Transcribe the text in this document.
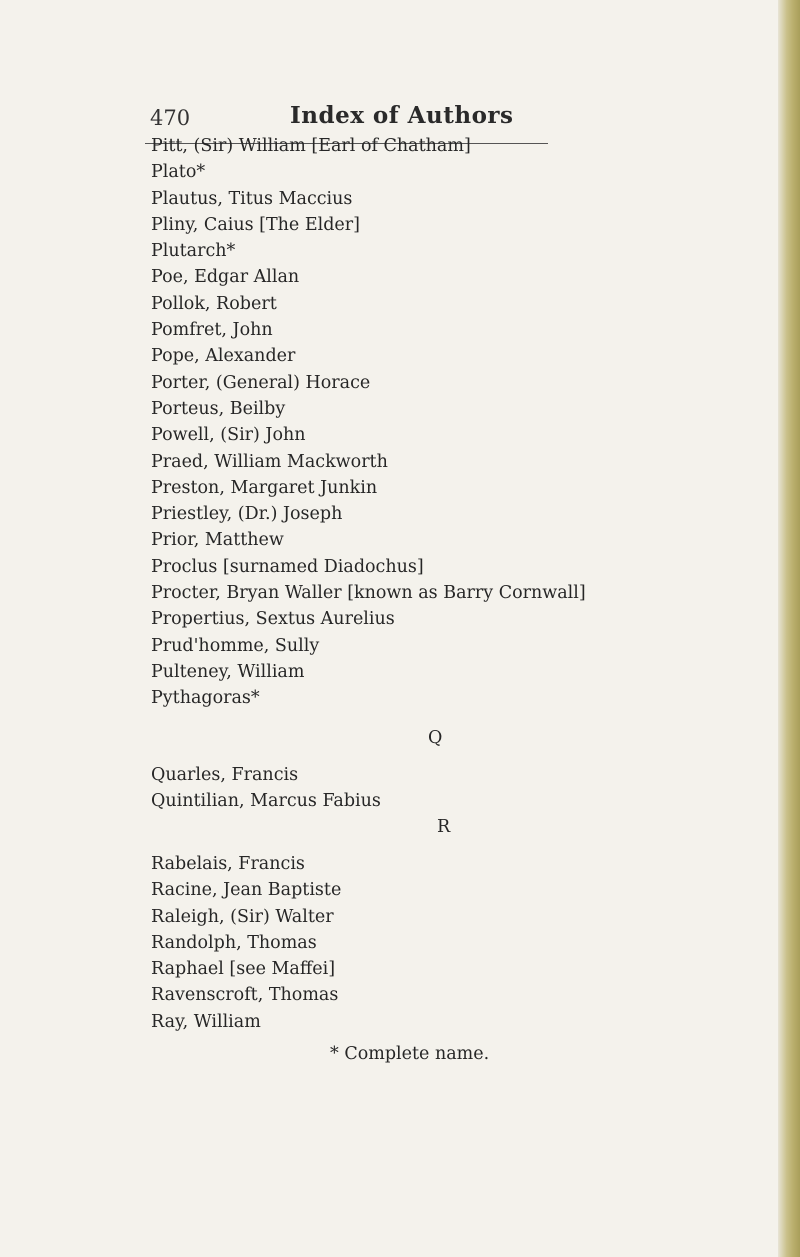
470	Index of Authors
Pitt, (Sir) William [Earl of Chatham]
Plato*
Plautus, Titus Maccius
Pliny, Caius [The Elder]
Plutarch*
Poe, Edgar Allan
Pollok, Robert
Pomfret, John
Pope, Alexander
Porter, (General) Horace
Porteus, Beilby
Powell, (Sir) John
Praed, William Mackworth
Preston, Margaret Junkin
Priestley, (Dr.) Joseph
Prior, Matthew
Proclus [surnamed Diadochus]
Procter, Bryan Waller [known as Barry Cornwall]
Propertius, Sextus Aurelius
Prud'homme, Sully
Pulteney, William
Pythagoras*
Q
Quarles, Francis
Quintilian, Marcus Fabius
R
Rabelais, Francis
Racine, Jean Baptiste
Raleigh, (Sir) Walter
Randolph, Thomas
Raphael [see Maffei]
Ravenscroft, Thomas
Ray, William
* Complete name.
